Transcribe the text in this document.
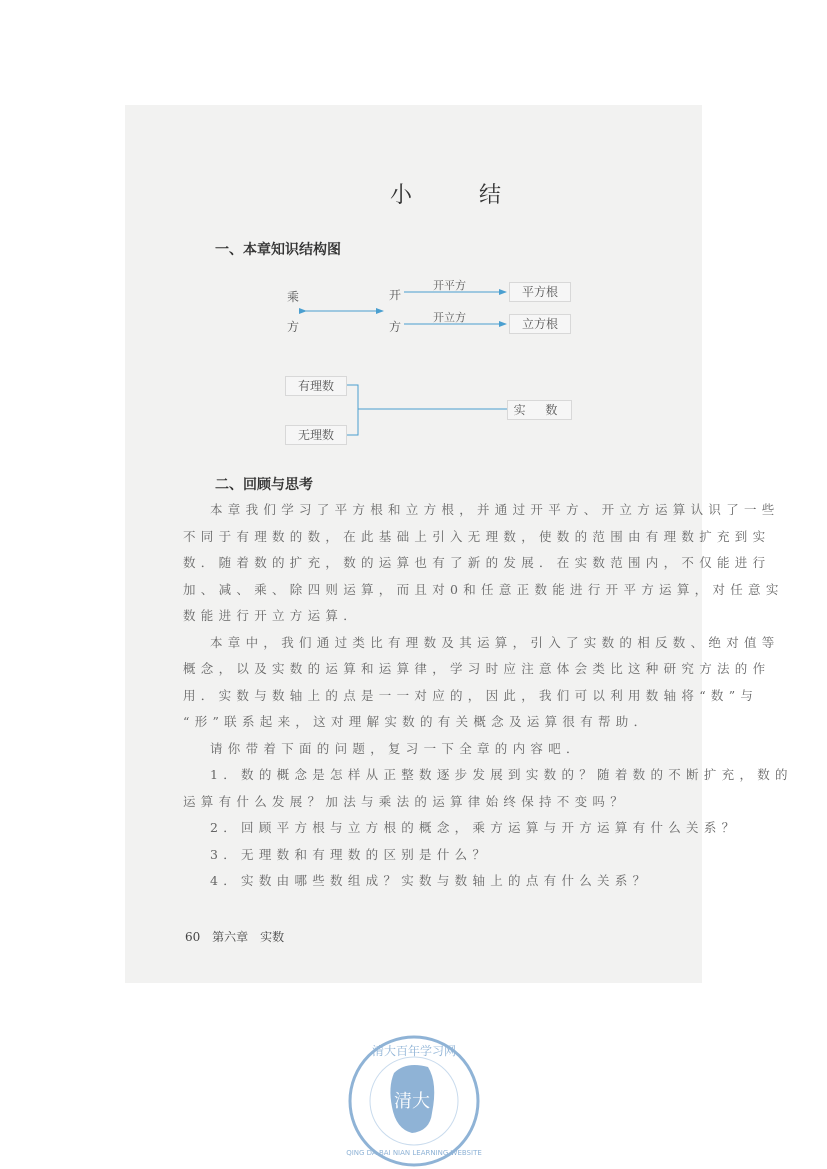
小 结
一、本章知识结构图
乘
方
开
方
开平方
开立方
平方根
立方根
有理数
无理数
实 数
二、回顾与思考
本章我们学习了平方根和立方根，并通过开平方、开立方运算认识了一些
不同于有理数的数，在此基础上引入无理数，使数的范围由有理数扩充到实
数．随着数的扩充，数的运算也有了新的发展．在实数范围内，不仅能进行
加、减、乘、除四则运算，而且对0和任意正数能进行开平方运算，对任意实
数能进行开立方运算．
本章中，我们通过类比有理数及其运算，引入了实数的相反数、绝对值等
概念，以及实数的运算和运算律，学习时应注意体会类比这种研究方法的作
用．实数与数轴上的点是一一对应的，因此，我们可以利用数轴将“数”与
“形”联系起来，这对理解实数的有关概念及运算很有帮助．
请你带着下面的问题，复习一下全章的内容吧．
1．数的概念是怎样从正整数逐步发展到实数的？随着数的不断扩充，数的
运算有什么发展？加法与乘法的运算律始终保持不变吗？
2．回顾平方根与立方根的概念，乘方运算与开方运算有什么关系？
3．无理数和有理数的区别是什么？
4．实数由哪些数组成？实数与数轴上的点有什么关系？
60 第六章　实数
清大百年学习网
QING DA BAI NIAN LEARNING WEBSITE
清大
